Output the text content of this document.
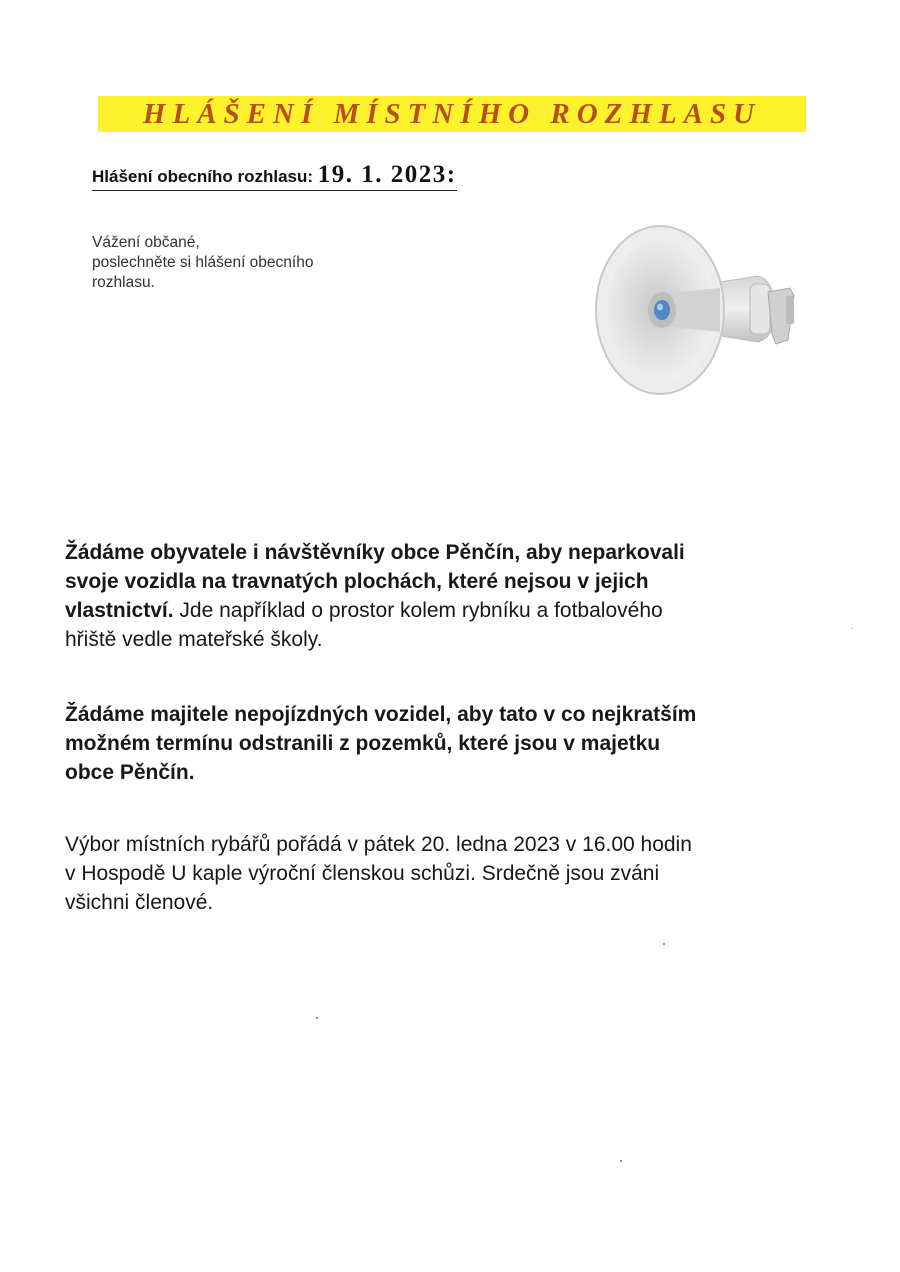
HLÁŠENÍ MÍSTNÍHO ROZHLASU
Hlášení obecního rozhlasu: 19. 1. 2023:
Vážení občané,
poslechněte si hlášení obecního
rozhlasu.
Žádáme obyvatele i návštěvníky obce Pěnčín, aby neparkovali
svoje vozidla na travnatých plochách, které nejsou v jejich
vlastnictví. Jde například o prostor kolem rybníku a fotbalového
hřiště vedle mateřské školy.
Žádáme majitele nepojízdných vozidel, aby tato v co nejkratším
možném termínu odstranili z pozemků, které jsou v majetku
obce Pěnčín.
Výbor místních rybářů pořádá v pátek 20. ledna 2023 v 16.00 hodin
v Hospodě U kaple výroční členskou schůzi. Srdečně jsou zváni
všichni členové.
